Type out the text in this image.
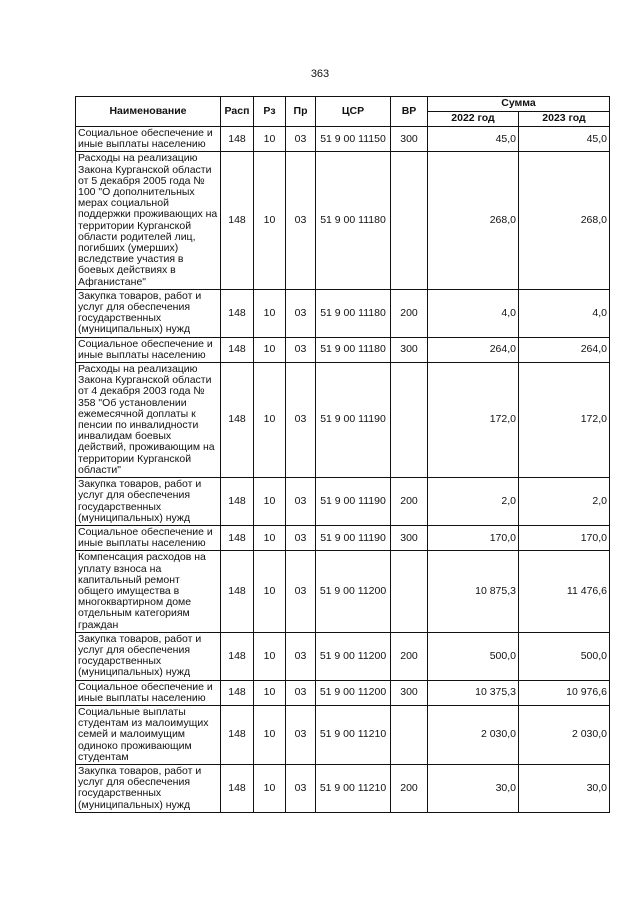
363
Наименование	Расп	Рз	Пр	ЦСР	ВР	Сумма	
						2022 год	2023 год
Социальное обеспечение и иные выплаты населению	148	10	03	51 9 00 11150	300	45,0	45,0
Расходы на реализацию Закона Курганской области от 5 декабря 2005 года № 100 "О дополнительных мерах социальной поддержки проживающих на территории Курганской области родителей лиц, погибших (умерших) вследствие участия в боевых действиях в Афганистане"	148	10	03	51 9 00 11180		268,0	268,0
Закупка товаров, работ и услуг для обеспечения государственных (муниципальных) нужд	148	10	03	51 9 00 11180	200	4,0	4,0
Социальное обеспечение и иные выплаты населению	148	10	03	51 9 00 11180	300	264,0	264,0
Расходы на реализацию Закона Курганской области от 4 декабря 2003 года № 358 "Об установлении ежемесячной доплаты к пенсии по инвалидности инвалидам боевых действий, проживающим на территории Курганской области"	148	10	03	51 9 00 11190		172,0	172,0
Закупка товаров, работ и услуг для обеспечения государственных (муниципальных) нужд	148	10	03	51 9 00 11190	200	2,0	2,0
Социальное обеспечение и иные выплаты населению	148	10	03	51 9 00 11190	300	170,0	170,0
Компенсация расходов на уплату взноса на капитальный ремонт общего имущества в многоквартирном доме отдельным категориям граждан	148	10	03	51 9 00 11200		10 875,3	11 476,6
Закупка товаров, работ и услуг для обеспечения государственных (муниципальных) нужд	148	10	03	51 9 00 11200	200	500,0	500,0
Социальное обеспечение и иные выплаты населению	148	10	03	51 9 00 11200	300	10 375,3	10 976,6
Социальные выплаты студентам из малоимущих семей и малоимущим одиноко проживающим студентам	148	10	03	51 9 00 11210		2 030,0	2 030,0
Закупка товаров, работ и услуг для обеспечения государственных (муниципальных) нужд	148	10	03	51 9 00 11210	200	30,0	30,0
